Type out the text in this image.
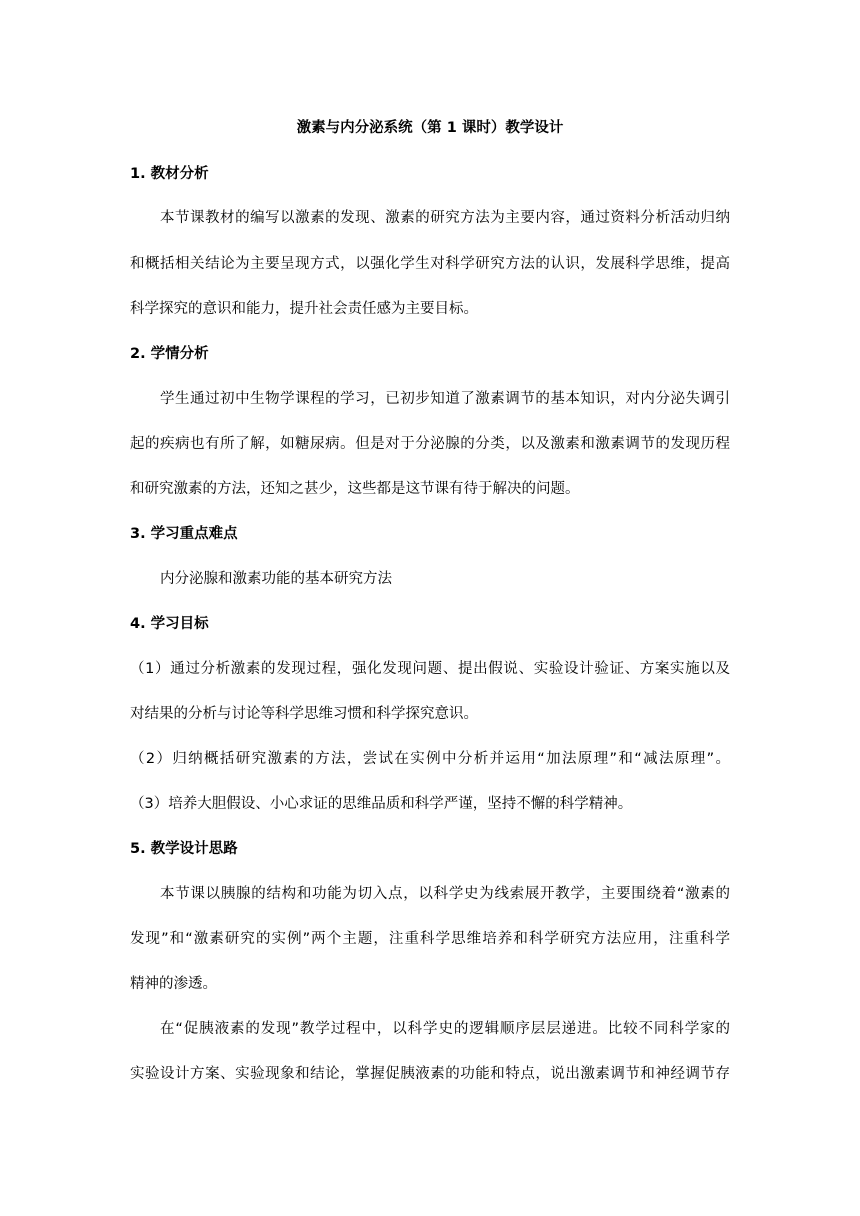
激素与内分泌系统（第 1 课时）教学设计
1. 教材分析
本节课教材的编写以激素的发现、激素的研究方法为主要内容，通过资料分析活动归纳
和概括相关结论为主要呈现方式，以强化学生对科学研究方法的认识，发展科学思维，提高
科学探究的意识和能力，提升社会责任感为主要目标。
2. 学情分析
学生通过初中生物学课程的学习，已初步知道了激素调节的基本知识，对内分泌失调引
起的疾病也有所了解，如糖尿病。但是对于分泌腺的分类，以及激素和激素调节的发现历程
和研究激素的方法，还知之甚少，这些都是这节课有待于解决的问题。
3. 学习重点难点
内分泌腺和激素功能的基本研究方法
4. 学习目标
（1）通过分析激素的发现过程，强化发现问题、提出假说、实验设计验证、方案实施以及
对结果的分析与讨论等科学思维习惯和科学探究意识。
（2）归纳概括研究激素的方法，尝试在实例中分析并运用“加法原理”和“减法原理”。
（3）培养大胆假设、小心求证的思维品质和科学严谨，坚持不懈的科学精神。
5. 教学设计思路
本节课以胰腺的结构和功能为切入点，以科学史为线索展开教学，主要围绕着“激素的
发现”和“激素研究的实例”两个主题，注重科学思维培养和科学研究方法应用，注重科学
精神的渗透。
在“促胰液素的发现”教学过程中，以科学史的逻辑顺序层层递进。比较不同科学家的
实验设计方案、实验现象和结论，掌握促胰液素的功能和特点，说出激素调节和神经调节存
